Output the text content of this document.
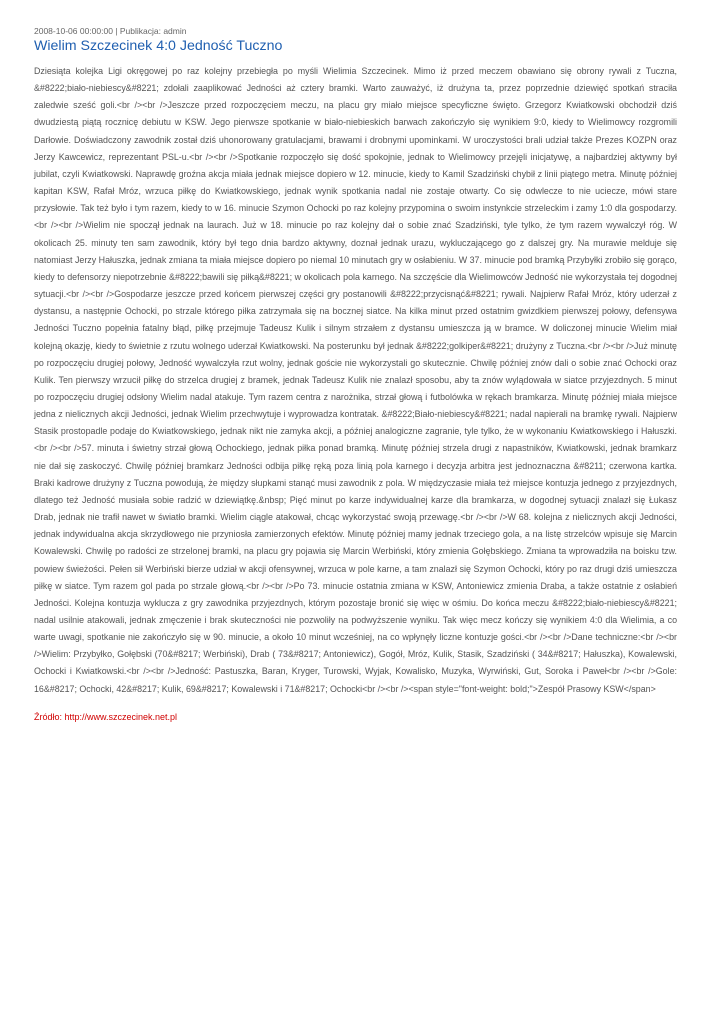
2008-10-06 00:00:00 | Publikacja: admin
Wielim Szczecinek 4:0 Jedność Tuczno

Dziesiąta kolejka Ligi okręgowej po raz kolejny przebiegła po myśli Wielimia Szczecinek. Mimo iż przed meczem obawiano się obrony rywali z Tuczna, &#8222;biało-niebiescy&#8221; zdołali zaaplikować Jedności aż cztery bramki. Warto zauważyć, iż drużyna ta, przez poprzednie dziewięć spotkań straciła zaledwie sześć goli.<br /><br />Jeszcze przed rozpoczęciem meczu, na placu gry miało miejsce specyficzne święto. Grzegorz Kwiatkowski obchodził dziś dwudziestą piątą rocznicę debiutu w KSW. Jego pierwsze spotkanie w biało-niebieskich barwach zakończyło się wynikiem 9:0, kiedy to Wielimowcy rozgromili Darłowie. Doświadczony zawodnik został dziś uhonorowany gratulacjami, brawami i drobnymi upominkami. W uroczystości brali udział także Prezes KOZPN oraz Jerzy Kawcewicz, reprezentant PSL-u.<br /><br />Spotkanie rozpoczęło się dość spokojnie, jednak to Wielimowcy przejęli inicjatywę, a najbardziej aktywny był jubilat, czyli Kwiatkowski. Naprawdę groźna akcja miała jednak miejsce dopiero w 12. minucie, kiedy to Kamil Szadziński chybił z linii piątego metra. Minutę później kapitan KSW, Rafał Mróz, wrzuca piłkę do Kwiatkowskiego, jednak wynik spotkania nadal nie zostaje otwarty. Co się odwlecze to nie uciecze, mówi stare przysłowie. Tak też było i tym razem, kiedy to w 16. minucie Szymon Ochocki po raz kolejny przypomina o swoim instynkcie strzeleckim i zamy 1:0 dla gospodarzy.<br /><br />Wielim nie spoczął jednak na laurach. Już w 18. minucie po raz kolejny dał o sobie znać Szadziński, tyle tylko, że tym razem wywalczył róg. W okolicach 25. minuty ten sam zawodnik, który był tego dnia bardzo aktywny, doznał jednak urazu, wykluczającego go z dalszej gry. Na murawie melduje się natomiast Jerzy Hałuszka, jednak zmiana ta miała miejsce dopiero po niemal 10 minutach gry w osłabieniu. W 37. minucie pod bramką Przybyłki zrobiło się gorąco, kiedy to defensorzy niepotrzebnie &#8222;bawili się piłką&#8221; w okolicach pola karnego. Na szczęście dla Wielimowców Jedność nie wykorzystała tej dogodnej sytuacji.<br /><br />Gospodarze jeszcze przed końcem pierwszej części gry postanowili &#8222;przycisnąć&#8221; rywali. Najpierw Rafał Mróz, który uderzał z dystansu, a następnie Ochocki, po strzale którego piłka zatrzymała się na bocznej siatce. Na kilka minut przed ostatnim gwizdkiem pierwszej połowy, defensywa Jedności Tuczno popełnia fatalny błąd, piłkę przejmuje Tadeusz Kulik i silnym strzałem z dystansu umieszcza ją w bramce. W doliczonej minucie Wielim miał kolejną okazję, kiedy to świetnie z rzutu wolnego uderzał Kwiatkowski. Na posterunku był jednak &#8222;golkiper&#8221; drużyny z Tuczna.<br /><br />Już minutę po rozpoczęciu drugiej połowy, Jedność wywalczyła rzut wolny, jednak goście nie wykorzystali go skutecznie. Chwilę później znów dali o sobie znać Ochocki oraz Kulik. Ten pierwszy wrzucił piłkę do strzelca drugiej z bramek, jednak Tadeusz Kulik nie znalazł sposobu, aby ta znów wylądowała w siatce przyjezdnych. 5 minut po rozpoczęciu drugiej odsłony Wielim nadal atakuje. Tym razem centra z narożnika, strzał głową i futbolówka w rękach bramkarza. Minutę później miała miejsce jedna z nielicznych akcji Jedności, jednak Wielim przechwytuje i wyprowadza kontratak. &#8222;Biało-niebiescy&#8221; nadal napierali na bramkę rywali. Najpierw Stasik prostopadle podaje do Kwiatkowskiego, jednak nikt nie zamyka akcji, a później analogiczne zagranie, tyle tylko, że w wykonaniu Kwiatkowskiego i Hałuszki.<br /><br />57. minuta i świetny strzał głową Ochockiego, jednak piłka ponad bramką. Minutę później strzela drugi z napastników, Kwiatkowski, jednak bramkarz nie dał się zaskoczyć. Chwilę później bramkarz Jedności odbija piłkę ręką poza linią pola karnego i decyzja arbitra jest jednoznaczna &#8211; czerwona kartka. Braki kadrowe drużyny z Tuczna powodują, że między słupkami stanąć musi zawodnik z pola. W międzyczasie miała też miejsce kontuzja jednego z przyjezdnych, dlatego też Jedność musiała sobie radzić w dziewiątkę.&nbsp; Pięć minut po karze indywidualnej karze dla bramkarza, w dogodnej sytuacji znalazł się Łukasz Drab, jednak nie trafił nawet w światło bramki. Wielim ciągle atakował, chcąc wykorzystać swoją przewagę.<br /><br />W 68. kolejna z nielicznych akcji Jedności, jednak indywidualna akcja skrzydłowego nie przyniosła zamierzonych efektów. Minutę później mamy jednak trzeciego gola, a na listę strzelców wpisuje się Marcin Kowalewski. Chwilę po radości ze strzelonej bramki, na placu gry pojawia się Marcin Werbiński, który zmienia Gołębskiego. Zmiana ta wprowadziła na boisku tzw. powiew świeżości. Pełen sił Werbiński bierze udział w akcji ofensywnej, wrzuca w pole karne, a tam znalazł się Szymon Ochocki, który po raz drugi dziś umieszcza piłkę w siatce. Tym razem gol pada po strzale głową.<br /><br />Po 73. minucie ostatnia zmiana w KSW, Antoniewicz zmienia Draba, a także ostatnie z osłabień Jedności. Kolejna kontuzja wyklucza z gry zawodnika przyjezdnych, którym pozostaje bronić się więc w ośmiu. Do końca meczu &#8222;biało-niebiescy&#8221; nadal usilnie atakowali, jednak zmęczenie i brak skuteczności nie pozwoliły na podwyższenie wyniku. Tak więc mecz kończy się wynikiem 4:0 dla Wielimia, a co warte uwagi, spotkanie nie zakończyło się w 90. minucie, a około 10 minut wcześniej, na co wpłynęły liczne kontuzje gości.<br /><br />Dane techniczne:<br /><br />Wielim: Przybyłko, Gołębski (70&#8217; Werbiński), Drab ( 73&#8217; Antoniewicz), Gogół, Mróz, Kulik, Stasik, Szadziński ( 34&#8217; Hałuszka), Kowalewski, Ochocki i Kwiatkowski.<br /><br />Jedność: Pastuszka, Baran, Kryger, Turowski, Wyjak, Kowalisko, Muzyka, Wyrwiński, Gut, Soroka i Paweł<br /><br />Gole: 16&#8217; Ochocki, 42&#8217; Kulik, 69&#8217; Kowalewski i 71&#8217; Ochocki<br /><br /><span style="font-weight: bold;">Zespół Prasowy KSW</span>

Źródło: http://www.szczecinek.net.pl
